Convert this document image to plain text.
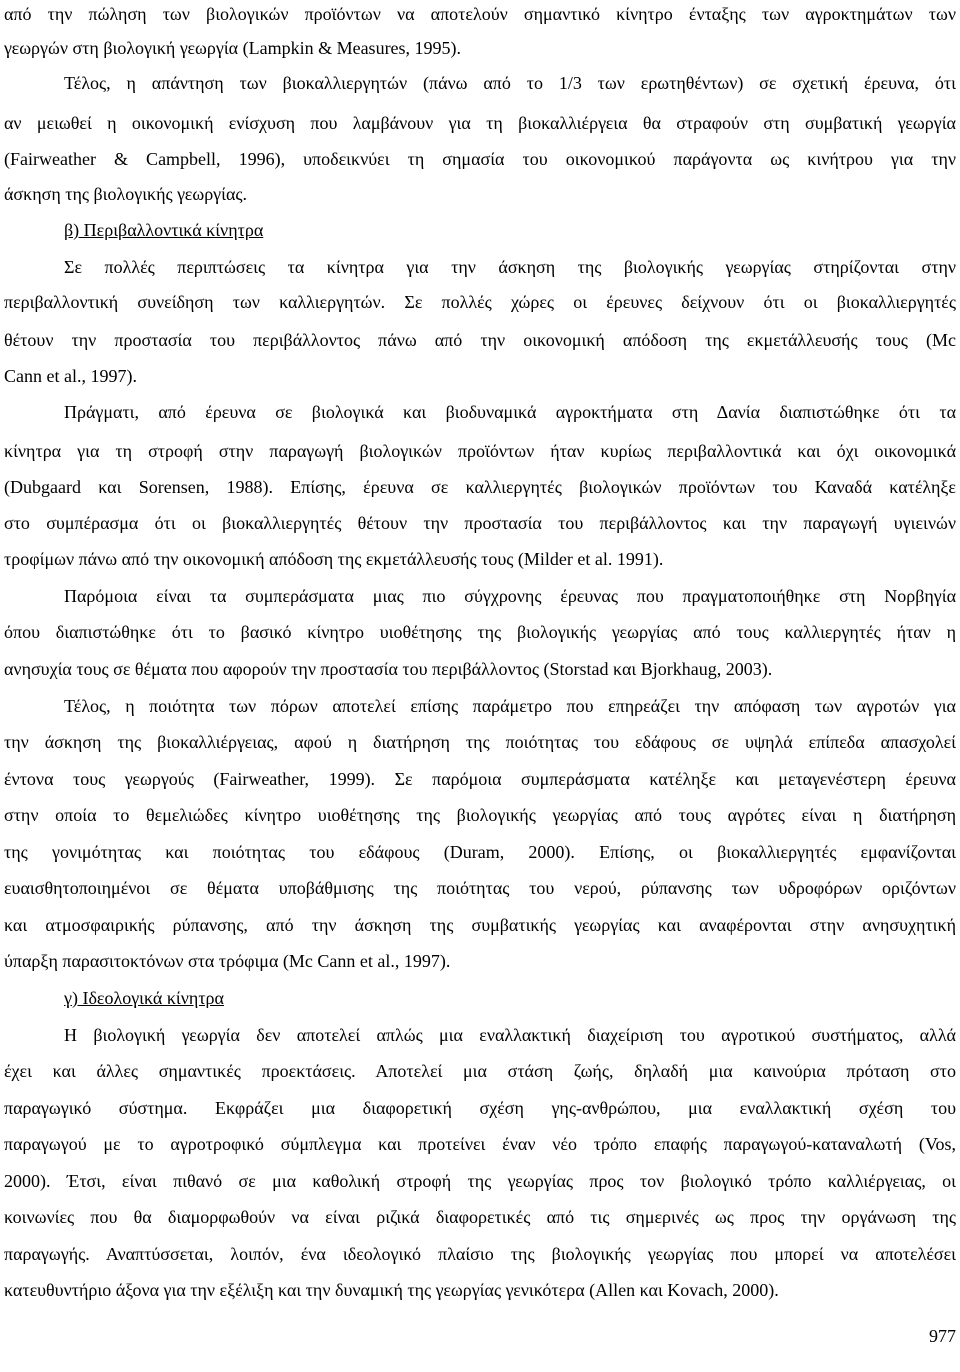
από την πώληση των βιολογικών προϊόντων να αποτελούν σημαντικό κίνητρο ένταξης των αγροκτημάτων των
γεωργών στη βιολογική γεωργία (Lampkin & Measures, 1995).
Τέλος, η απάντηση των βιοκαλλιεργητών (πάνω από το 1/3 των ερωτηθέντων) σε σχετική έρευνα, ότι
αν μειωθεί η οικονομική ενίσχυση που λαμβάνουν για τη βιοκαλλιέργεια θα στραφούν στη συμβατική γεωργία
(Fairweather & Campbell, 1996), υποδεικνύει τη σημασία του οικονομικού παράγοντα ως κινήτρου για την
άσκηση της βιολογικής γεωργίας.
β) Περιβαλλοντικά κίνητρα
Σε πολλές περιπτώσεις τα κίνητρα για την άσκηση της βιολογικής γεωργίας στηρίζονται στην
περιβαλλοντική συνείδηση των καλλιεργητών. Σε πολλές χώρες οι έρευνες δείχνουν ότι οι βιοκαλλιεργητές
θέτουν την προστασία του περιβάλλοντος πάνω από την οικονομική απόδοση της εκμετάλλευσής τους (Mc
Cann et al., 1997).
Πράγματι, από έρευνα σε βιολογικά και βιοδυναμικά αγροκτήματα στη Δανία διαπιστώθηκε ότι τα
κίνητρα για τη στροφή στην παραγωγή βιολογικών προϊόντων ήταν κυρίως περιβαλλοντικά και όχι οικονομικά
(Dubgaard και Sorensen, 1988). Επίσης, έρευνα σε καλλιεργητές βιολογικών προϊόντων του Καναδά κατέληξε
στο συμπέρασμα ότι οι βιοκαλλιεργητές θέτουν την προστασία του περιβάλλοντος και την παραγωγή υγιεινών
τροφίμων πάνω από την οικονομική απόδοση της εκμετάλλευσής τους (Milder et al. 1991).
Παρόμοια είναι τα συμπεράσματα μιας πιο σύγχρονης έρευνας που πραγματοποιήθηκε στη Νορβηγία
όπου διαπιστώθηκε ότι το βασικό κίνητρο υιοθέτησης της βιολογικής γεωργίας από τους καλλιεργητές ήταν η
ανησυχία τους σε θέματα που αφορούν την προστασία του περιβάλλοντος (Storstad και Bjorkhaug, 2003).
Τέλος, η ποιότητα των πόρων αποτελεί επίσης παράμετρο που επηρεάζει την απόφαση των αγροτών για
την άσκηση της βιοκαλλιέργειας, αφού η διατήρηση της ποιότητας του εδάφους σε υψηλά επίπεδα απασχολεί
έντονα τους γεωργούς (Fairweather, 1999). Σε παρόμοια συμπεράσματα κατέληξε και μεταγενέστερη έρευνα
στην οποία το θεμελιώδες κίνητρο υιοθέτησης της βιολογικής γεωργίας από τους αγρότες είναι η διατήρηση
της γονιμότητας και ποιότητας του εδάφους (Duram, 2000). Επίσης, οι βιοκαλλιεργητές εμφανίζονται
ευαισθητοποιημένοι σε θέματα υποβάθμισης της ποιότητας του νερού, ρύπανσης των υδροφόρων οριζόντων
και ατμοσφαιρικής ρύπανσης, από την άσκηση της συμβατικής γεωργίας και αναφέρονται στην ανησυχητική
ύπαρξη παρασιτοκτόνων στα τρόφιμα (Mc Cann et al., 1997).
γ) Ιδεολογικά κίνητρα
Η βιολογική γεωργία δεν αποτελεί απλώς μια εναλλακτική διαχείριση του αγροτικού συστήματος, αλλά
έχει και άλλες σημαντικές προεκτάσεις. Αποτελεί μια στάση ζωής, δηλαδή μια καινούρια πρόταση στο
παραγωγικό σύστημα. Εκφράζει μια διαφορετική σχέση γης-ανθρώπου, μια εναλλακτική σχέση του
παραγωγού με το αγροτροφικό σύμπλεγμα και προτείνει έναν νέο τρόπο επαφής παραγωγού-καταναλωτή (Vos,
2000). Έτσι, είναι πιθανό σε μια καθολική στροφή της γεωργίας προς τον βιολογικό τρόπο καλλιέργειας, οι
κοινωνίες που θα διαμορφωθούν να είναι ριζικά διαφορετικές από τις σημερινές ως προς την οργάνωση της
παραγωγής. Αναπτύσσεται, λοιπόν, ένα ιδεολογικό πλαίσιο της βιολογικής γεωργίας που μπορεί να αποτελέσει
κατευθυντήριο άξονα για την εξέλιξη και την δυναμική της γεωργίας γενικότερα (Allen και Kovach, 2000).
977
